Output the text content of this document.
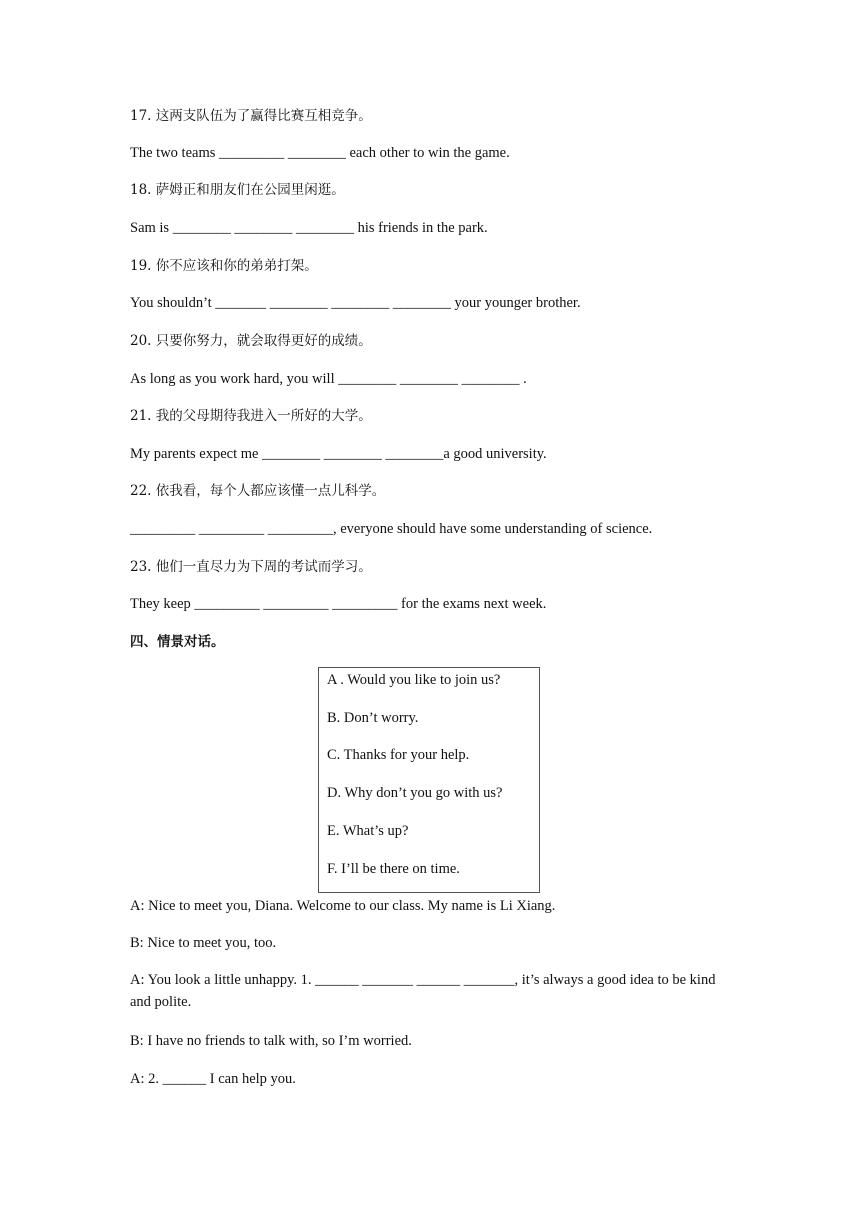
17. 这两支队伍为了赢得比赛互相竞争。
The two teams _________ ________ each other to win the game.
18. 萨姆正和朋友们在公园里闲逛。
Sam is ________ ________ ________ his friends in the park.
19. 你不应该和你的弟弟打架。
You shouldn’t _______ ________ ________ ________ your younger brother.
20. 只要你努力，就会取得更好的成绩。
As long as you work hard, you will ________ ________ ________ .
21. 我的父母期待我进入一所好的大学。
My parents expect me ________ ________ ________a good university.
22. 依我看，每个人都应该懂一点儿科学。
_________ _________ _________, everyone should have some understanding of science.
23. 他们一直尽力为下周的考试而学习。
They keep _________ _________ _________ for the exams next week.
四、情景对话。
A . Would you like to join us?
B. Don’t worry.
C. Thanks for your help.
D. Why don’t you go with us?
E. What’s up?
F. I’ll be there on time.
A: Nice to meet you, Diana. Welcome to our class. My name is Li Xiang.
B: Nice to meet you, too.
A: You look a little unhappy. 1. ______ _______ ______ _______, it’s always a good idea to be kind and polite.
B: I have no friends to talk with, so I’m worried.
A: 2. ______ I can help you.
